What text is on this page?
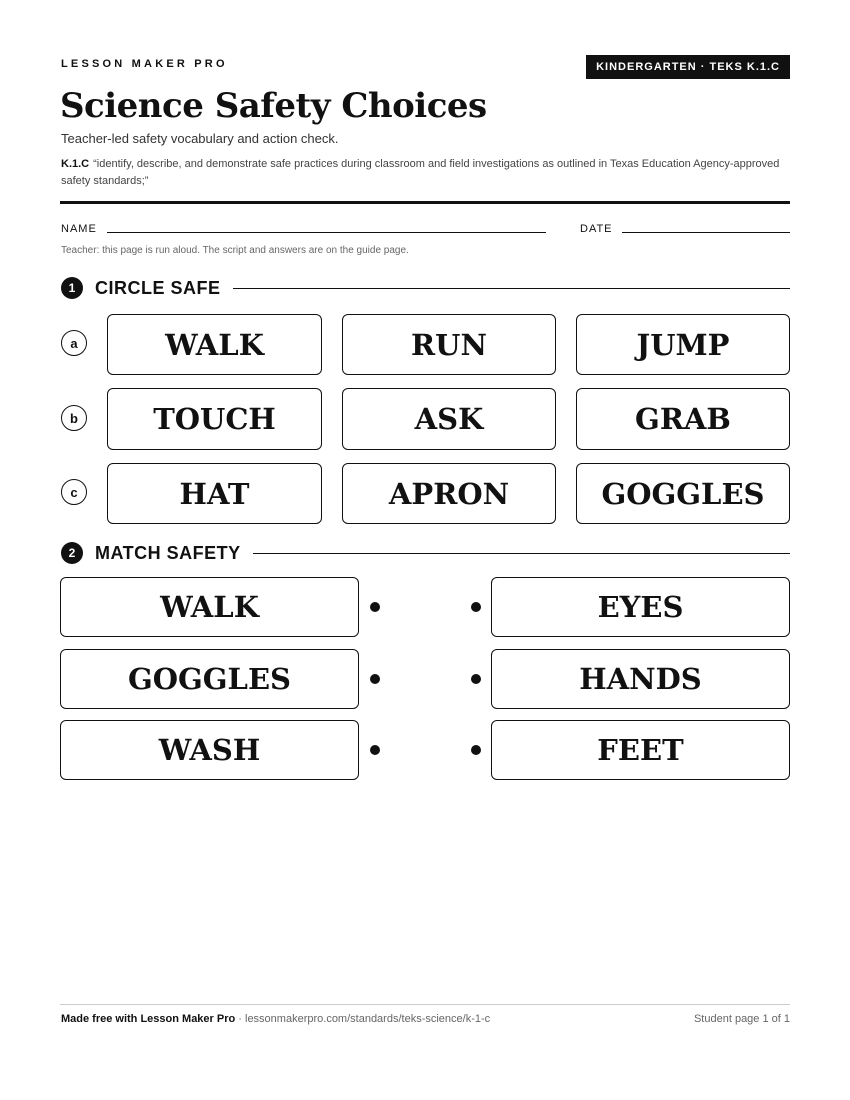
LESSON MAKER PRO	KINDERGARTEN · TEKS K.1.C
Science Safety Choices
Teacher-led safety vocabulary and action check.
K.1.C “identify, describe, and demonstrate safe practices during classroom and field investigations as outlined in Texas Education Agency-approved safety standards;”
NAME	DATE
Teacher: this page is run aloud. The script and answers are on the guide page.
1	CIRCLE SAFE
a	WALK	RUN	JUMP
b	TOUCH	ASK	GRAB
c	HAT	APRON	GOGGLES
2	MATCH SAFETY
WALK	EYES
GOGGLES	HANDS
WASH	FEET
Made free with Lesson Maker Pro · lessonmakerpro.com/standards/teks-science/k-1-c	Student page 1 of 1
